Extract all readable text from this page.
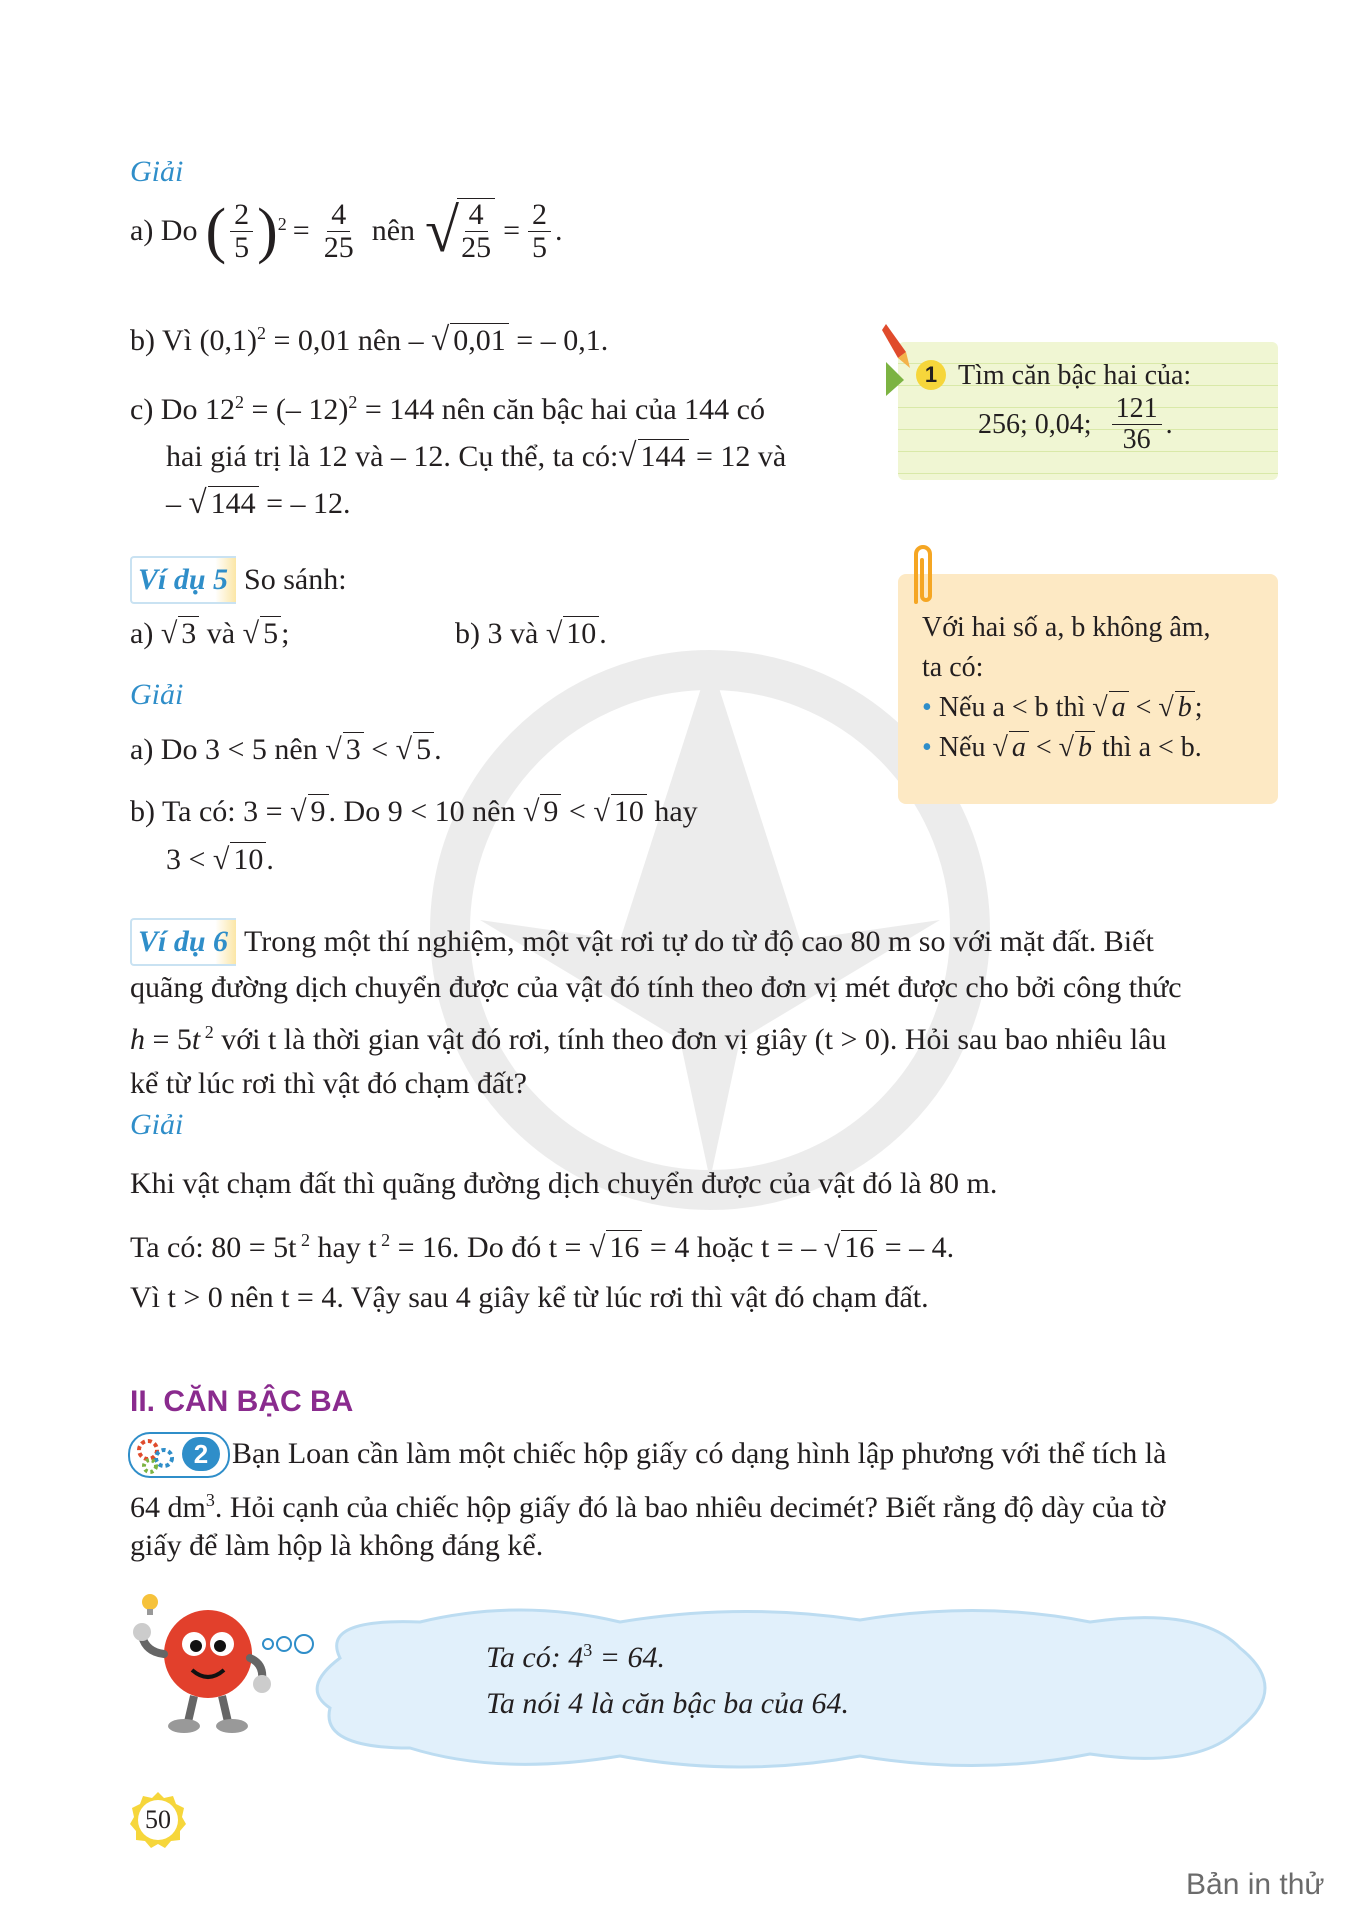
Giải
a) Do ( $\frac{2}{5} )^2 = \frac{4}{25}$ nên √
$\frac{4}{25} = \frac{2}{5}$ .
b) Vì $(0,1)^2 = 0,01$ nên – √ 0,01 = – 0,1.
c) Do $12^2$ = (– 12)$^2$ = 144 nên căn bậc hai của 144 có
hai giá trị là 12 và – 12. Cụ thể, ta có:√ 144 = 12 và
– √ 144 = – 12.
1 Tìm căn bậc hai của:
256; 0,04; $\frac{121}{36}$ .
Với hai số a, b không âm,
ta có:
• Nếu a < b thì √ a < √ b ;
• Nếu √ a < √ b thì a < b.
Ví dụ 5 So sánh:
a) √ 3 và √ 5 ;	b) 3 và √ 10 .
Giải
a) Do 3 < 5 nên √ 3 < √ 5 .
b) Ta có: 3 = √ 9 . Do 9 < 10 nên √ 9 < √ 10 hay
3 < √ 10 .
Ví dụ 6 Trong một thí nghiệm, một vật rơi tự do từ độ cao 80 m so với mặt đất. Biết
quãng đường dịch chuyển được của vật đó tính theo đơn vị mét được cho bởi công thức
h = 5t $^2$ với t là thời gian vật đó rơi, tính theo đơn vị giây (t > 0). Hỏi sau bao nhiêu lâu
kể từ lúc rơi thì vật đó chạm đất?
Giải
Khi vật chạm đất thì quãng đường dịch chuyển được của vật đó là 80 m.
Ta có: 80 = 5t $^2$ hay t $^2$ = 16. Do đó t = √ 16 = 4 hoặc t = – √ 16 = – 4.
Vì t > 0 nên t = 4. Vậy sau 4 giây kể từ lúc rơi thì vật đó chạm đất.
II. CĂN BẬC BA
2 Bạn Loan cần làm một chiếc hộp giấy có dạng hình lập phương với thể tích là
64 $dm^3$. Hỏi cạnh của chiếc hộp giấy đó là bao nhiêu decimét? Biết rằng độ dày của tờ
giấy để làm hộp là không đáng kể.
Ta có: $4^3 = 64$.
Ta nói 4 là căn bậc ba của 64.
50
Bản in thử
